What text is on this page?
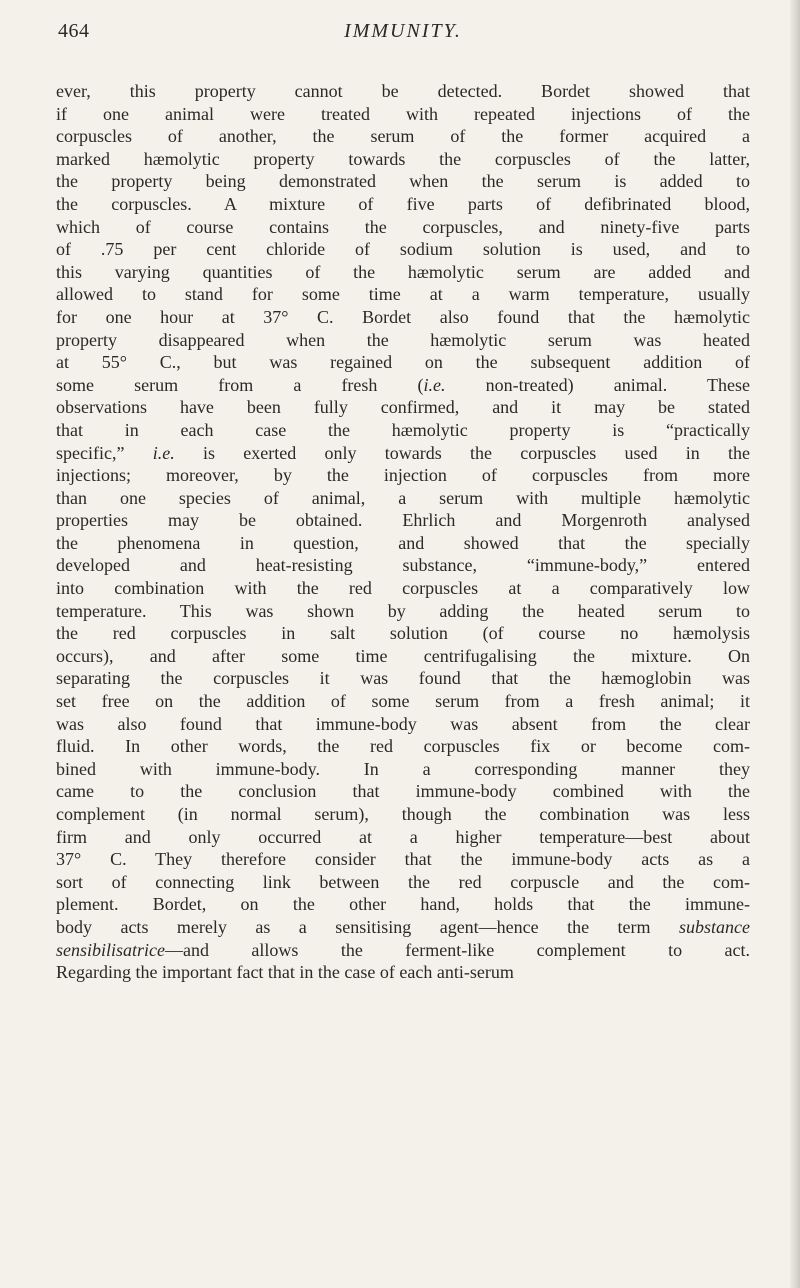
464	IMMUNITY.
ever, this property cannot be detected. Bordet showed that
if one animal were treated with repeated injections of the
corpuscles of another, the serum of the former acquired a
marked hæmolytic property towards the corpuscles of the latter,
the property being demonstrated when the serum is added to
the corpuscles. A mixture of five parts of defibrinated blood,
which of course contains the corpuscles, and ninety-five parts
of .75 per cent chloride of sodium solution is used, and to
this varying quantities of the hæmolytic serum are added and
allowed to stand for some time at a warm temperature, usually
for one hour at 37° C. Bordet also found that the hæmolytic
property disappeared when the hæmolytic serum was heated
at 55° C., but was regained on the subsequent addition of
some serum from a fresh (i.e. non-treated) animal. These
observations have been fully confirmed, and it may be stated
that in each case the hæmolytic property is “practically
specific,” i.e. is exerted only towards the corpuscles used in the
injections; moreover, by the injection of corpuscles from more
than one species of animal, a serum with multiple hæmolytic
properties may be obtained. Ehrlich and Morgenroth analysed
the phenomena in question, and showed that the specially
developed and heat-resisting substance, “immune-body,” entered
into combination with the red corpuscles at a comparatively low
temperature. This was shown by adding the heated serum to
the red corpuscles in salt solution (of course no hæmolysis
occurs), and after some time centrifugalising the mixture. On
separating the corpuscles it was found that the hæmoglobin was
set free on the addition of some serum from a fresh animal; it
was also found that immune-body was absent from the clear
fluid. In other words, the red corpuscles fix or become com-
bined with immune-body. In a corresponding manner they
came to the conclusion that immune-body combined with the
complement (in normal serum), though the combination was less
firm and only occurred at a higher temperature—best about
37° C. They therefore consider that the immune-body acts as a
sort of connecting link between the red corpuscle and the com-
plement. Bordet, on the other hand, holds that the immune-
body acts merely as a sensitising agent—hence the term substance
sensibilisatrice—and allows the ferment-like complement to act.
Regarding the important fact that in the case of each anti-serum
